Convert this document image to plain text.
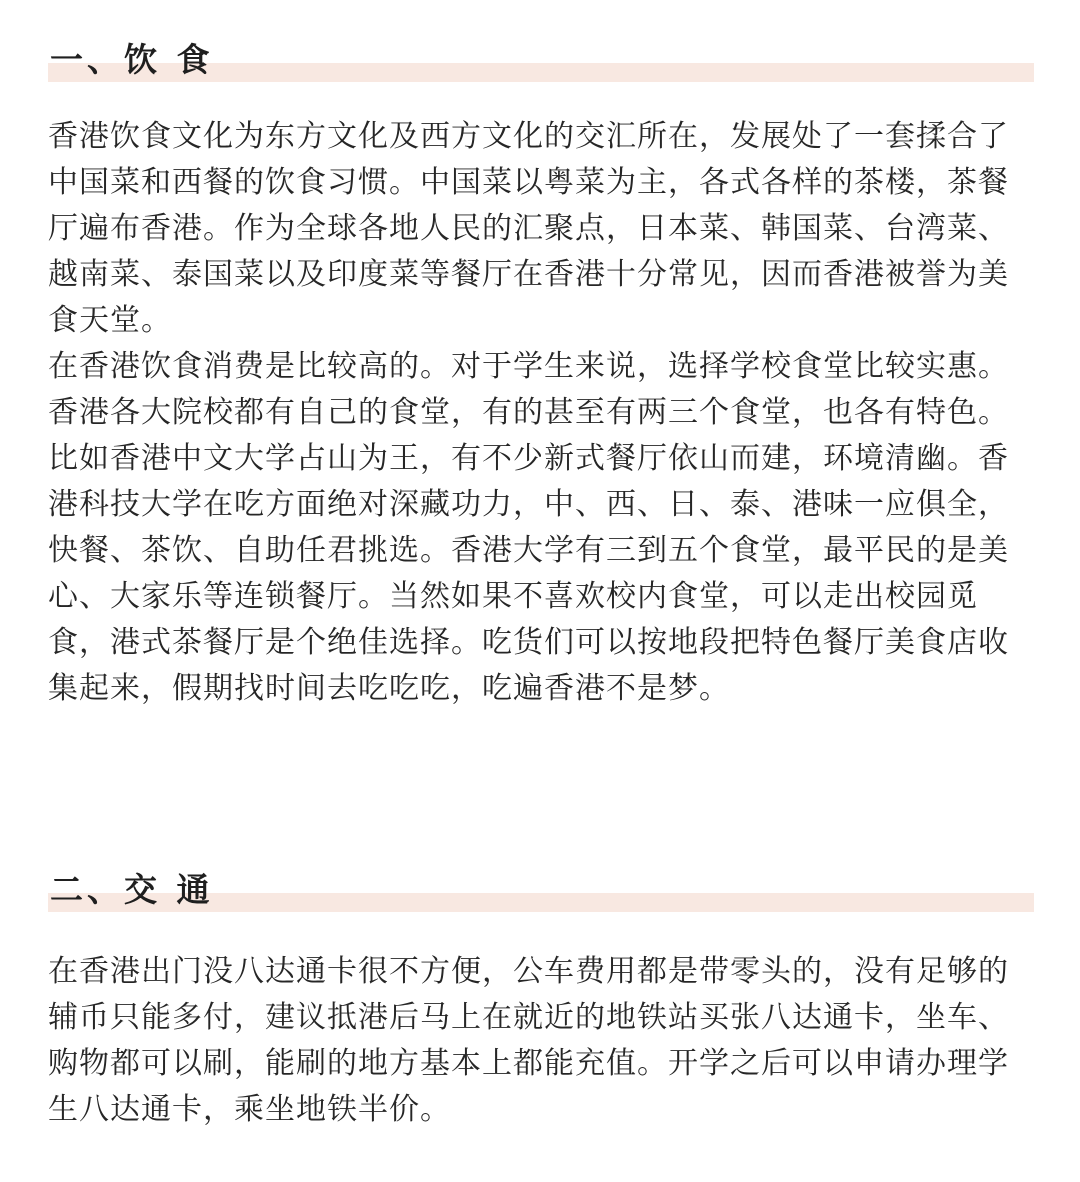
一、饮 食

香港饮食文化为东方文化及西方文化的交汇所在，发展处了一套揉合了中国菜和西餐的饮食习惯。中国菜以粤菜为主，各式各样的茶楼，茶餐厅遍布香港。作为全球各地人民的汇聚点，日本菜、韩国菜、台湾菜、越南菜、泰国菜以及印度菜等餐厅在香港十分常见，因而香港被誉为美食天堂。

在香港饮食消费是比较高的。对于学生来说，选择学校食堂比较实惠。香港各大院校都有自己的食堂，有的甚至有两三个食堂，也各有特色。比如香港中文大学占山为王，有不少新式餐厅依山而建，环境清幽。香港科技大学在吃方面绝对深藏功力，中、西、日、泰、港味一应俱全，快餐、茶饮、自助任君挑选。香港大学有三到五个食堂，最平民的是美心、大家乐等连锁餐厅。当然如果不喜欢校内食堂，可以走出校园觅食，港式茶餐厅是个绝佳选择。吃货们可以按地段把特色餐厅美食店收集起来，假期找时间去吃吃吃，吃遍香港不是梦。

二、交 通

在香港出门没八达通卡很不方便，公车费用都是带零头的，没有足够的辅币只能多付，建议抵港后马上在就近的地铁站买张八达通卡，坐车、购物都可以刷，能刷的地方基本上都能充值。开学之后可以申请办理学生八达通卡，乘坐地铁半价。
